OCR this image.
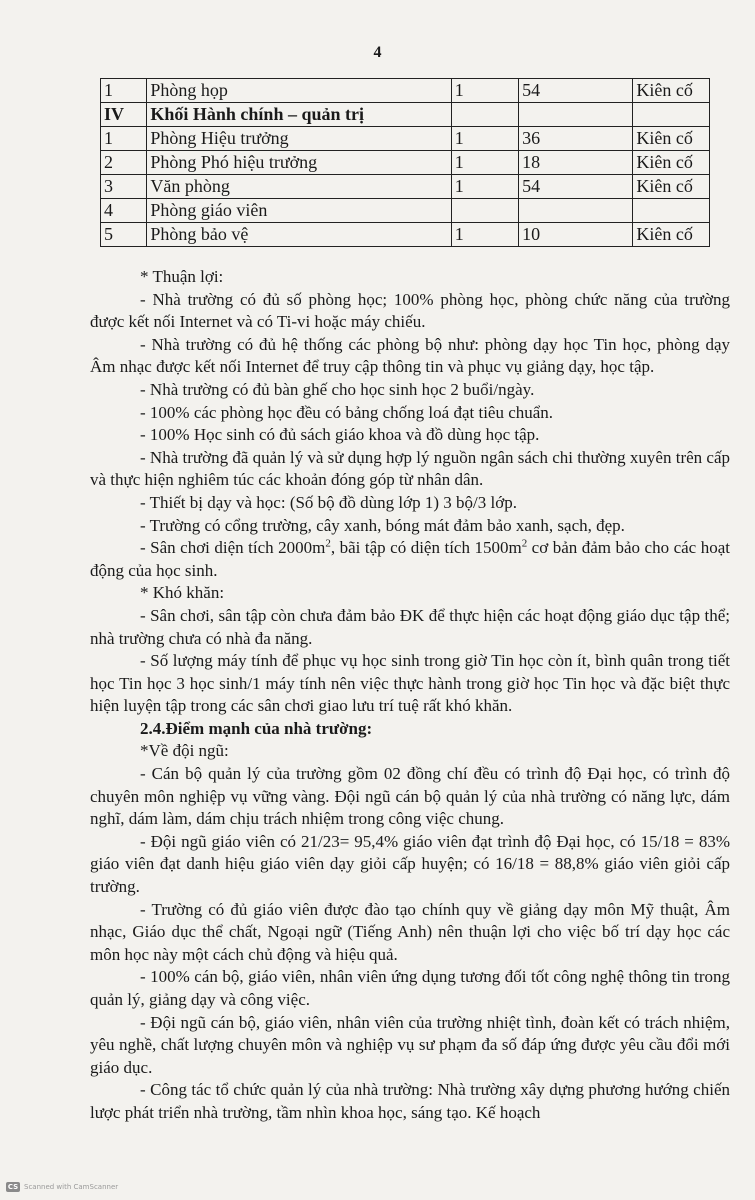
4
1	Phòng họp	1	54	Kiên cố
IV	Khối Hành chính – quản trị			
1	Phòng Hiệu trưởng	1	36	Kiên cố
2	Phòng Phó hiệu trưởng	1	18	Kiên cố
3	Văn phòng	1	54	Kiên cố
4	Phòng giáo viên			
5	Phòng bảo vệ	1	10	Kiên cố

* Thuận lợi:

- Nhà trường có đủ số phòng học; 100% phòng học, phòng chức năng của trường được kết nối Internet và có Ti-vi hoặc máy chiếu.

- Nhà trường có đủ hệ thống các phòng bộ như: phòng dạy học Tin học, phòng dạy Âm nhạc được kết nối Internet để truy cập thông tin và phục vụ giảng dạy, học tập.

- Nhà trường có đủ bàn ghế cho học sinh học 2 buổi/ngày.

- 100% các phòng học đều có bảng chống loá đạt tiêu chuẩn.

- 100% Học sinh có đủ sách giáo khoa và đồ dùng học tập.

- Nhà trường đã quản lý và sử dụng hợp lý nguồn ngân sách chi thường xuyên trên cấp và thực hiện nghiêm túc các khoản đóng góp từ nhân dân.

- Thiết bị dạy và học: (Số bộ đồ dùng lớp 1) 3 bộ/3 lớp.

- Trường có cổng trường, cây xanh, bóng mát đảm bảo xanh, sạch, đẹp.

- Sân chơi diện tích $2000m^2$, bãi tập có diện tích $1500m^2$ cơ bản đảm bảo cho các hoạt động của học sinh.

* Khó khăn:

- Sân chơi, sân tập còn chưa đảm bảo ĐK để thực hiện các hoạt động giáo dục tập thể; nhà trường chưa có nhà đa năng.

- Số lượng máy tính để phục vụ học sinh trong giờ Tin học còn ít, bình quân trong tiết học Tin học 3 học sinh/1 máy tính nên việc thực hành trong giờ học Tin học và đặc biệt thực hiện luyện tập trong các sân chơi giao lưu trí tuệ rất khó khăn.

2.4.Điểm mạnh của nhà trường:

*Về đội ngũ:

- Cán bộ quản lý của trường gồm 02 đồng chí đều có trình độ Đại học, có trình độ chuyên môn nghiệp vụ vững vàng. Đội ngũ cán bộ quản lý của nhà trường có năng lực, dám nghĩ, dám làm, dám chịu trách nhiệm trong công việc chung.

- Đội ngũ giáo viên có 21/23= 95,4% giáo viên đạt trình độ Đại học, có 15/18 = 83% giáo viên đạt danh hiệu giáo viên dạy giỏi cấp huyện; có 16/18 = 88,8% giáo viên giỏi cấp trường.

- Trường có đủ giáo viên được đào tạo chính quy về giảng dạy môn Mỹ thuật, Âm nhạc, Giáo dục thể chất, Ngoại ngữ (Tiếng Anh) nên thuận lợi cho việc bố trí dạy học các môn học này một cách chủ động và hiệu quả.

- 100% cán bộ, giáo viên, nhân viên ứng dụng tương đối tốt công nghệ thông tin trong quản lý, giảng dạy và công việc.

- Đội ngũ cán bộ, giáo viên, nhân viên của trường nhiệt tình, đoàn kết có trách nhiệm, yêu nghề, chất lượng chuyên môn và nghiệp vụ sư phạm đa số đáp ứng được yêu cầu đổi mới giáo dục.

- Công tác tổ chức quản lý của nhà trường: Nhà trường xây dựng phương hướng chiến lược phát triển nhà trường, tầm nhìn khoa học, sáng tạo. Kế hoạch

CS Scanned with CamScanner
